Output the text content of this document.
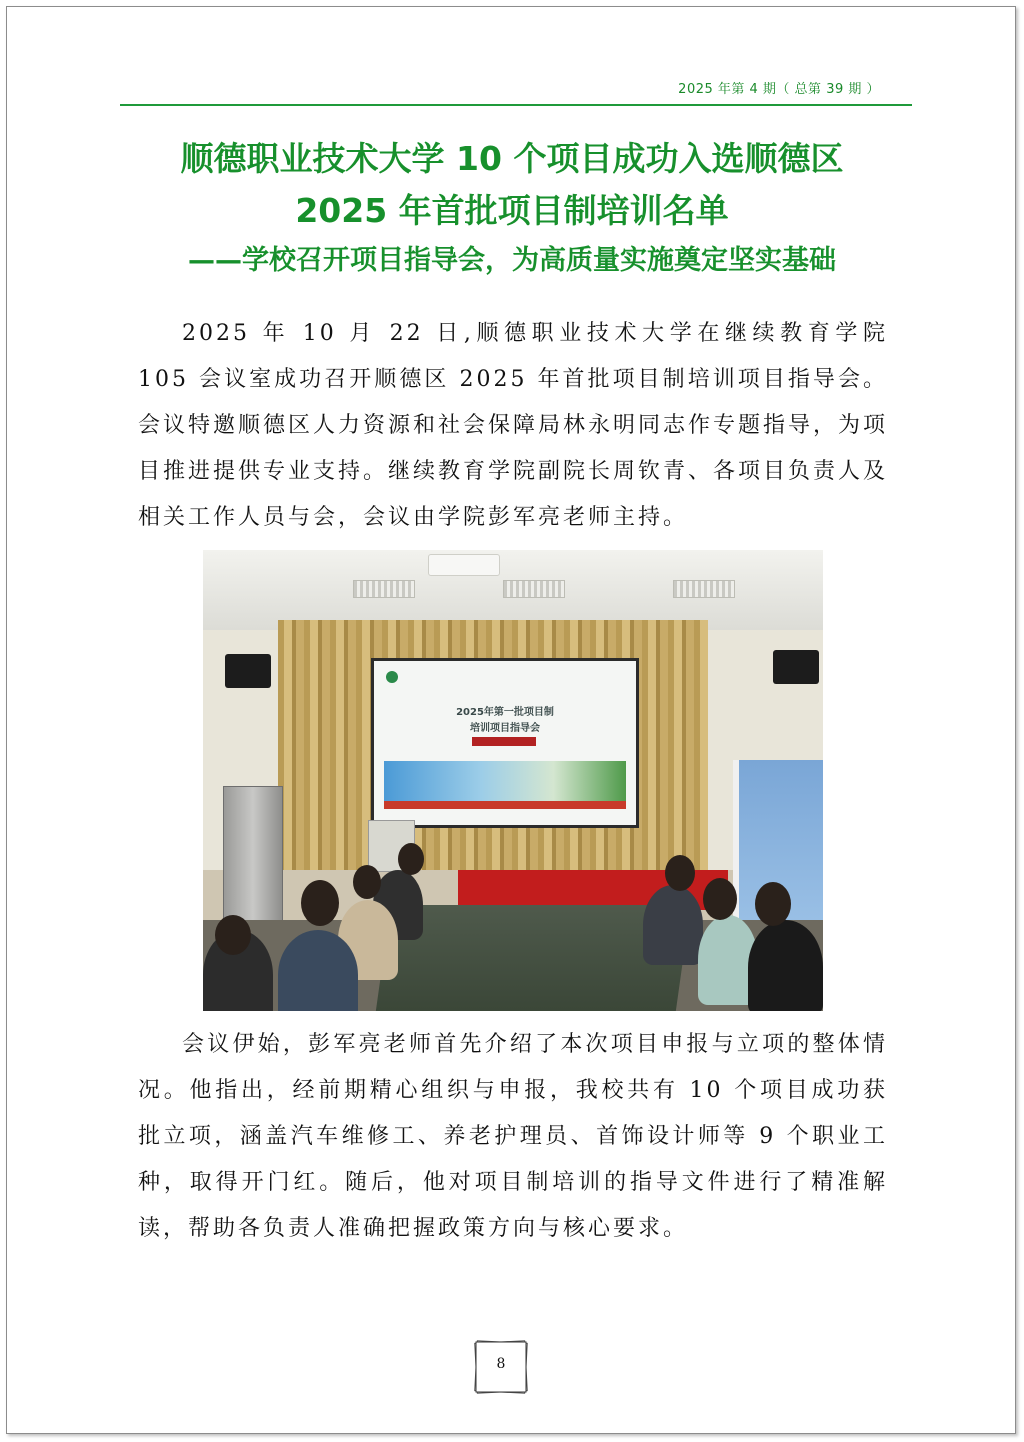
2025 年第 4 期（ 总第 39 期 ）
顺德职业技术大学 10 个项目成功入选顺德区
2025 年首批项目制培训名单
——学校召开项目指导会，为高质量实施奠定坚实基础

2025 年 10 月 22 日,顺德职业技术大学在继续教育学院 105 会议室成功召开顺德区 2025 年首批项目制培训项目指导会。会议特邀顺德区人力资源和社会保障局林永明同志作专题指导，为项目推进提供专业支持。继续教育学院副院长周钦青、各项目负责人及相关工作人员与会，会议由学院彭军亮老师主持。

2025年第一批项目制
培训项目指导会

会议伊始，彭军亮老师首先介绍了本次项目申报与立项的整体情况。他指出，经前期精心组织与申报，我校共有 10 个项目成功获批立项，涵盖汽车维修工、养老护理员、首饰设计师等 9 个职业工种，取得开门红。随后，他对项目制培训的指导文件进行了精准解读，帮助各负责人准确把握政策方向与核心要求。

8
